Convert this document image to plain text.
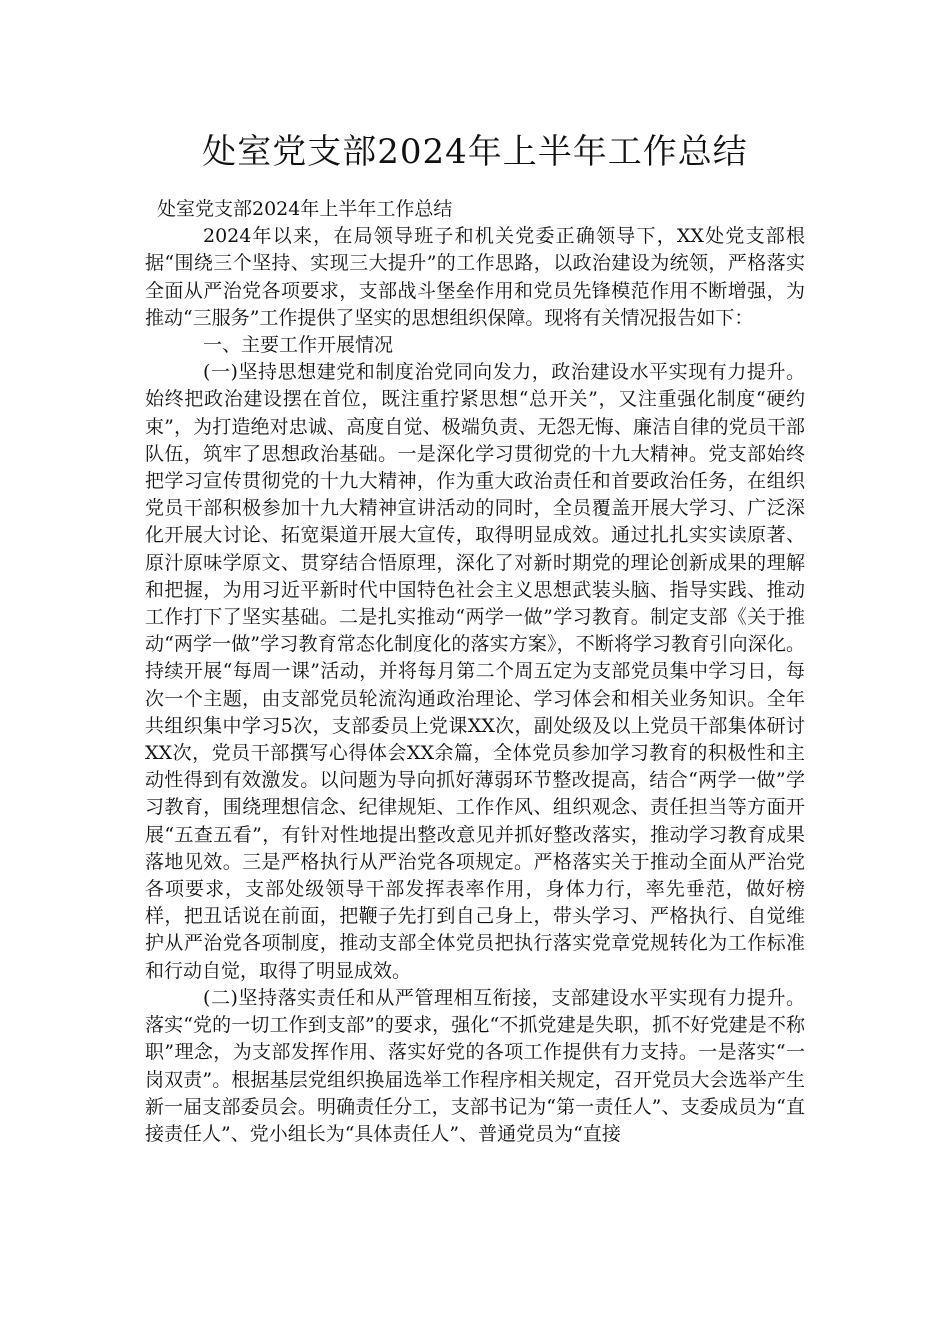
处室党支部2024年上半年工作总结

处室党支部2024年上半年工作总结

2024年以来，在局领导班子和机关党委正确领导下，XX处党支部根据“围绕三个坚持、实现三大提升”的工作思路，以政治建设为统领，严格落实全面从严治党各项要求，支部战斗堡垒作用和党员先锋模范作用不断增强，为推动“三服务”工作提供了坚实的思想组织保障。现将有关情况报告如下：

一、主要工作开展情况

(一)坚持思想建党和制度治党同向发力，政治建设水平实现有力提升。始终把政治建设摆在首位，既注重拧紧思想“总开关”，又注重强化制度“硬约束”，为打造绝对忠诚、高度自觉、极端负责、无怨无悔、廉洁自律的党员干部队伍，筑牢了思想政治基础。一是深化学习贯彻党的十九大精神。党支部始终把学习宣传贯彻党的十九大精神，作为重大政治责任和首要政治任务，在组织党员干部积极参加十九大精神宣讲活动的同时，全员覆盖开展大学习、广泛深化开展大讨论、拓宽渠道开展大宣传，取得明显成效。通过扎扎实实读原著、原汁原味学原文、贯穿结合悟原理，深化了对新时期党的理论创新成果的理解和把握，为用习近平新时代中国特色社会主义思想武装头脑、指导实践、推动工作打下了坚实基础。二是扎实推动“两学一做”学习教育。制定支部《关于推动“两学一做”学习教育常态化制度化的落实方案》，不断将学习教育引向深化。持续开展“每周一课”活动，并将每月第二个周五定为支部党员集中学习日，每次一个主题，由支部党员轮流沟通政治理论、学习体会和相关业务知识。全年共组织集中学习5次，支部委员上党课XX次，副处级及以上党员干部集体研讨XX次，党员干部撰写心得体会XX余篇，全体党员参加学习教育的积极性和主动性得到有效激发。以问题为导向抓好薄弱环节整改提高，结合“两学一做”学习教育，围绕理想信念、纪律规矩、工作作风、组织观念、责任担当等方面开展“五查五看”，有针对性地提出整改意见并抓好整改落实，推动学习教育成果落地见效。三是严格执行从严治党各项规定。严格落实关于推动全面从严治党各项要求，支部处级领导干部发挥表率作用，身体力行，率先垂范，做好榜样，把丑话说在前面，把鞭子先打到自己身上，带头学习、严格执行、自觉维护从严治党各项制度，推动支部全体党员把执行落实党章党规转化为工作标准和行动自觉，取得了明显成效。

(二)坚持落实责任和从严管理相互衔接，支部建设水平实现有力提升。落实“党的一切工作到支部”的要求，强化“不抓党建是失职，抓不好党建是不称职”理念，为支部发挥作用、落实好党的各项工作提供有力支持。一是落实“一岗双责”。根据基层党组织换届选举工作程序相关规定，召开党员大会选举产生新一届支部委员会。明确责任分工，支部书记为“第一责任人”、支委成员为“直接责任人”、党小组长为“具体责任人”、普通党员为“直接
